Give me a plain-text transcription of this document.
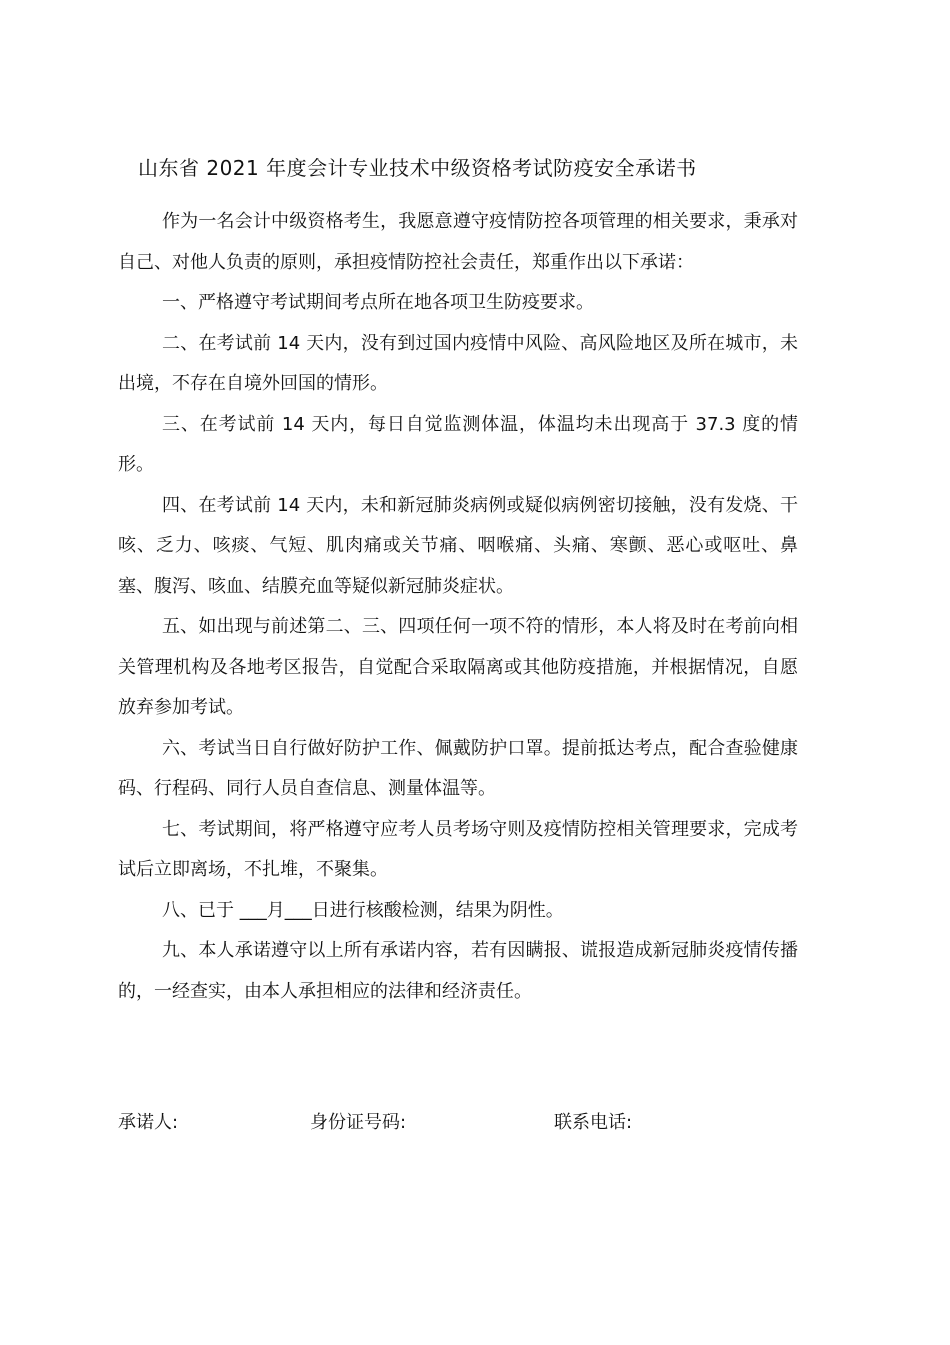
山东省 2021 年度会计专业技术中级资格考试防疫安全承诺书

作为一名会计中级资格考生，我愿意遵守疫情防控各项管理的相关要求，秉承对自己、对他人负责的原则，承担疫情防控社会责任，郑重作出以下承诺：

一、严格遵守考试期间考点所在地各项卫生防疫要求。

二、在考试前 14 天内，没有到过国内疫情中风险、高风险地区及所在城市，未出境，不存在自境外回国的情形。

三、在考试前 14 天内，每日自觉监测体温，体温均未出现高于 37.3 度的情形。

四、在考试前 14 天内，未和新冠肺炎病例或疑似病例密切接触，没有发烧、干咳、乏力、咳痰、气短、肌肉痛或关节痛、咽喉痛、头痛、寒颤、恶心或呕吐、鼻塞、腹泻、咳血、结膜充血等疑似新冠肺炎症状。

五、如出现与前述第二、三、四项任何一项不符的情形，本人将及时在考前向相关管理机构及各地考区报告，自觉配合采取隔离或其他防疫措施，并根据情况，自愿放弃参加考试。

六、考试当日自行做好防护工作、佩戴防护口罩。提前抵达考点，配合查验健康码、行程码、同行人员自查信息、测量体温等。

七、考试期间，将严格遵守应考人员考场守则及疫情防控相关管理要求，完成考试后立即离场，不扎堆，不聚集。

八、已于 ___月___日进行核酸检测，结果为阴性。

九、本人承诺遵守以上所有承诺内容，若有因瞒报、谎报造成新冠肺炎疫情传播的，一经查实，由本人承担相应的法律和经济责任。

承诺人:	身份证号码:	联系电话:
